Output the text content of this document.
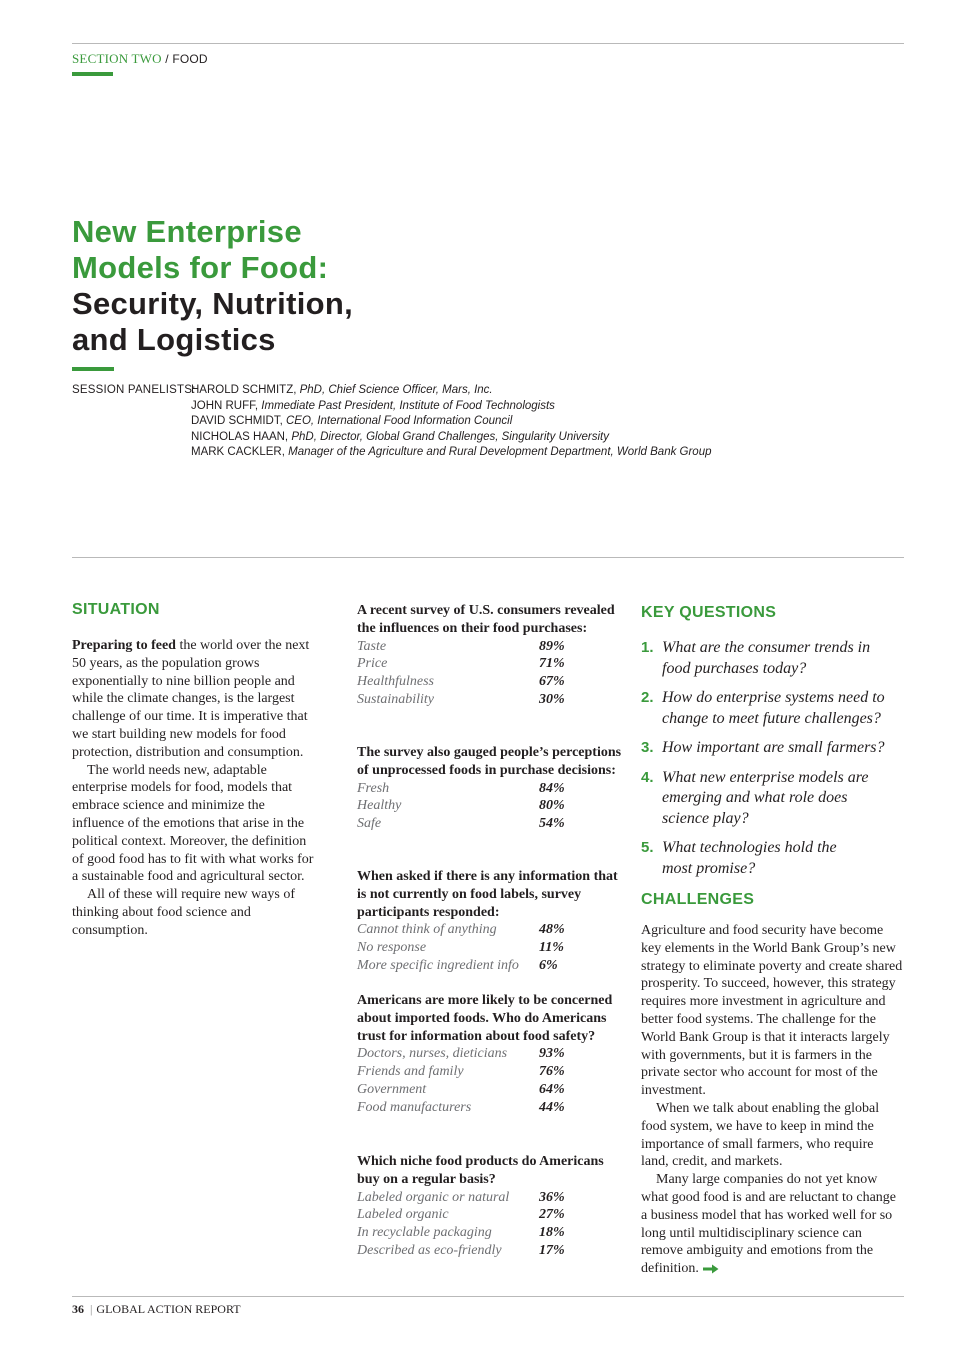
SECTION TWO / FOOD
New Enterprise
Models for Food:
Security, Nutrition,
and Logistics
SESSION PANELISTS:
HAROLD SCHMITZ, PhD, Chief Science Officer, Mars, Inc.
JOHN RUFF, Immediate Past President, Institute of Food Technologists
DAVID SCHMIDT, CEO, International Food Information Council
NICHOLAS HAAN, PhD, Director, Global Grand Challenges, Singularity University
MARK CACKLER, Manager of the Agriculture and Rural Development Department, World Bank Group
SITUATION

Preparing to feed the world over the next 50 years, as the population grows exponentially to nine billion people and while the climate changes, is the largest challenge of our time. It is imperative that we start building new models for food protection, distribution and consumption.

The world needs new, adaptable enterprise models for food, models that embrace science and minimize the influence of the emotions that arise in the political context. Moreover, the definition of good food has to fit with what works for a sustainable food and agricultural sector.

All of these will require new ways of thinking about food science and consumption.

A recent survey of U.S. consumers revealed the influences on their food purchases:
Taste	89%
Price	71%
Healthfulness	67%
Sustainability	30%
The survey also gauged people’s perceptions of unprocessed foods in purchase decisions:
Fresh	84%
Healthy	80%
Safe	54%
When asked if there is any information that is not currently on food labels, survey participants responded:
Cannot think of anything	48%
No response	11%
More specific ingredient info 6%
Americans are more likely to be concerned about imported foods. Who do Americans trust for information about food safety?
Doctors, nurses, dieticians 93%
Friends and family	76%
Government	64%
Food manufacturers	44%
Which niche food products do Americans buy on a regular basis?
Labeled organic or natural 36%
Labeled organic	27%
In recyclable packaging	18%
Described as eco-friendly	17%
KEY QUESTIONS
1. What are the consumer trends in food purchases today?
2. How do enterprise systems need to change to meet future challenges?
3. How important are small farmers?
4. What new enterprise models are emerging and what role does science play?
5. What technologies hold the most promise?
CHALLENGES

Agriculture and food security have become key elements in the World Bank Group’s new strategy to eliminate poverty and create shared prosperity. To succeed, however, this strategy requires more investment in agriculture and better food systems. The challenge for the World Bank Group is that it interacts largely with governments, but it is farmers in the private sector who account for most of the investment.

When we talk about enabling the global food system, we have to keep in mind the importance of small farmers, who require land, credit, and markets.

Many large companies do not yet know what good food is and are reluctant to change a business model that has worked well for so long until multidisciplinary science can remove ambiguity and emotions from the definition.

36 | GLOBAL ACTION REPORT
